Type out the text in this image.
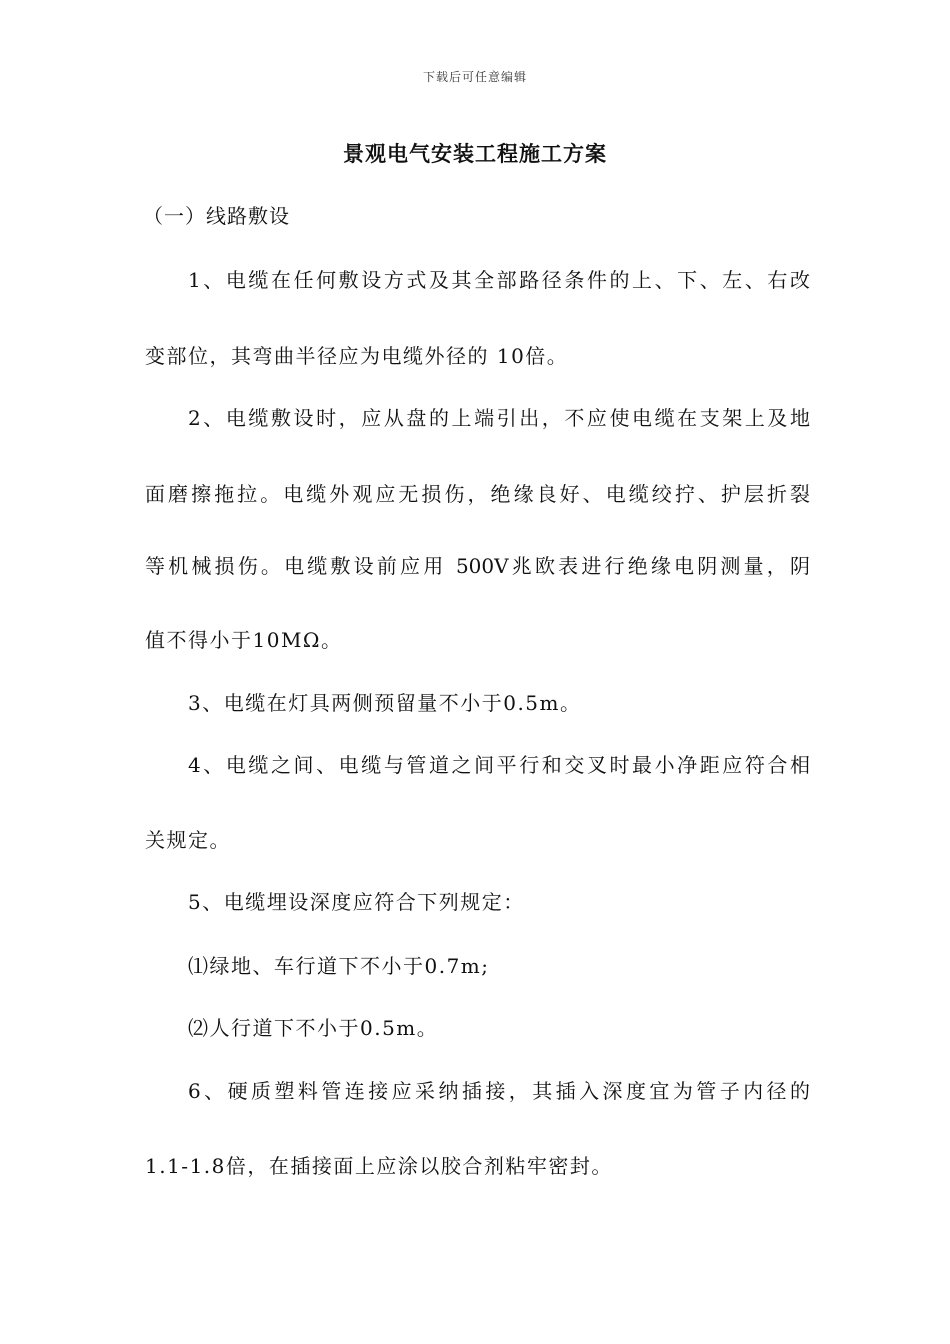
下载后可任意编辑
景观电气安装工程施工方案
（一）线路敷设
1、电缆在任何敷设方式及其全部路径条件的上、下、左、右改
变部位，其弯曲半径应为电缆外径的 10倍。
2、电缆敷设时，应从盘的上端引出，不应使电缆在支架上及地
面磨擦拖拉。电缆外观应无损伤，绝缘良好、电缆绞拧、护层折裂
等机械损伤。电缆敷设前应用 500V兆欧表进行绝缘电阴测量，阴
值不得小于10MΩ。
3、电缆在灯具两侧预留量不小于0.5m。
4、电缆之间、电缆与管道之间平行和交叉时最小净距应符合相
关规定。
5、电缆埋设深度应符合下列规定：
⑴绿地、车行道下不小于0.7m;
⑵人行道下不小于0.5m。
6、硬质塑料管连接应采纳插接，其插入深度宜为管子内径的
1.1-1.8倍，在插接面上应涂以胶合剂粘牢密封。
